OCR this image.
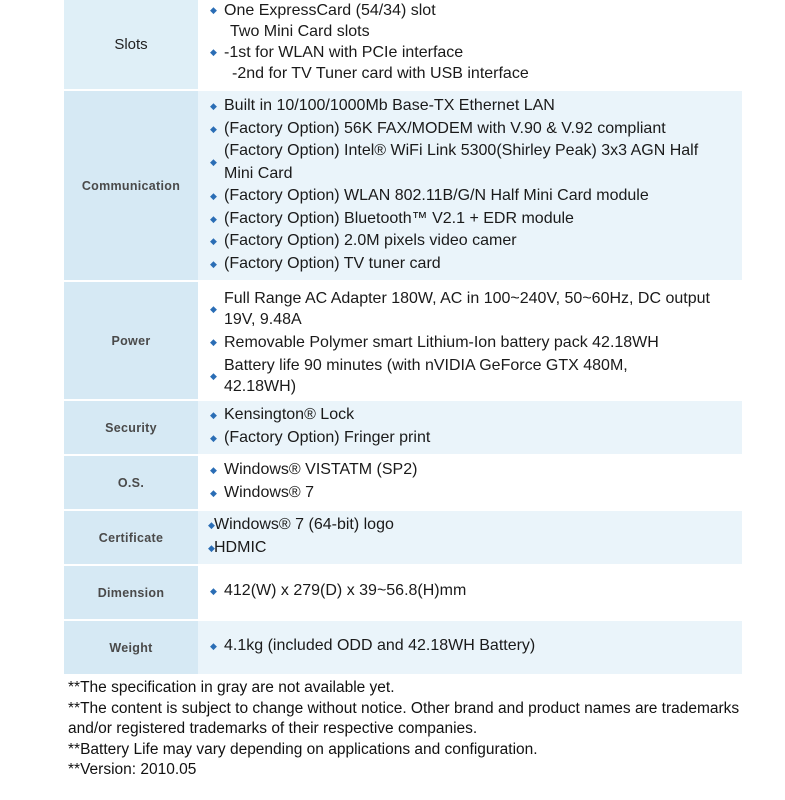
Slots
◆ One ExpressCard (54/34) slot
Two Mini Card slots
◆ -1st for WLAN with PCIe interface
-2nd for TV Tuner card with USB interface
Communication
◆ Built in 10/100/1000Mb Base-TX Ethernet LAN
◆ (Factory Option) 56K FAX/MODEM with V.90 & V.92 compliant
◆
(Factory Option) Intel® WiFi Link 5300(Shirley Peak) 3x3 AGN Half Mini Card
◆ (Factory Option) WLAN 802.11B/G/N Half Mini Card module
◆ (Factory Option) Bluetooth™ V2.1 + EDR module
◆ (Factory Option) 2.0M pixels video camer
◆ (Factory Option) TV tuner card
Power
◆
Full Range AC Adapter 180W, AC in 100~240V, 50~60Hz, DC output 19V, 9.48A
◆ Removable Polymer smart Lithium-Ion battery pack 42.18WH
◆
Battery life 90 minutes (with nVIDIA GeForce GTX 480M, 42.18WH)
Security
◆ Kensington® Lock
◆ (Factory Option) Fringer print
O.S.
◆ Windows® VISTATM (SP2)
◆ Windows® 7
Certificate
◆ Windows® 7 (64-bit) logo
◆ HDMIC
Dimension	◆ 412(W) x 279(D) x 39~56.8(H)mm
Weight	◆ 4.1kg (included ODD and 42.18WH Battery)
**The specification in gray are not available yet.
**The content is subject to change without notice. Other brand and product names are trademarks and/or registered trademarks of their respective companies.
**Battery Life may vary depending on applications and configuration.
**Version: 2010.05
